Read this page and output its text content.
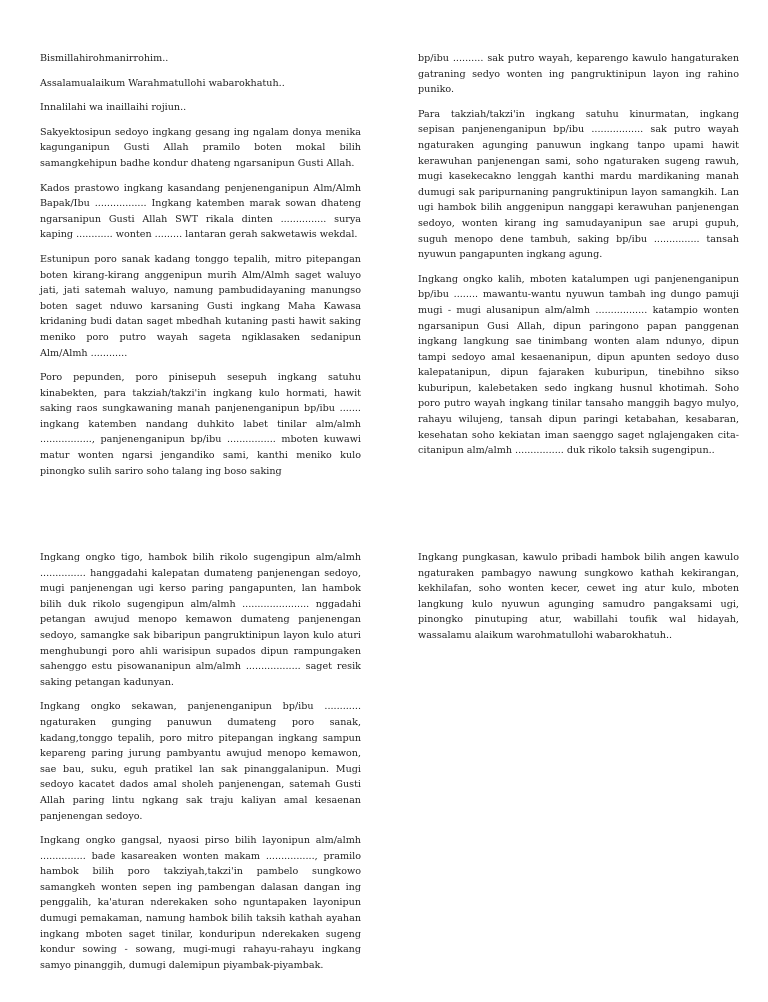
Bismillahirohmanirrohim..

Assalamualaikum Warahmatullohi wabarokhatuh..

Innalilahi wa inaillaihi rojiun..

Sakyektosipun sedoyo ingkang gesang ing ngalam donya menika kagunganipun Gusti Allah pramilo boten mokal bilih samangkehipun badhe kondur dhateng ngarsanipun Gusti Allah.

Kados prastowo ingkang kasandang penjenenganipun Alm/Almh Bapak/Ibu ................. Ingkang katemben marak sowan dhateng ngarsanipun Gusti Allah SWT rikala dinten ............... surya kaping ............ wonten ......... lantaran gerah sakwetawis wekdal.

Estunipun poro sanak kadang tonggo tepalih, mitro pitepangan boten kirang-kirang anggenipun murih Alm/Almh saget waluyo jati, jati satemah waluyo, namung pambudidayaning manungso boten saget nduwo karsaning Gusti ingkang Maha Kawasa kridaning budi datan saget mbedhah kutaning pasti hawit saking meniko poro putro wayah sageta ngiklasaken sedanipun Alm/Almh ............

Poro pepunden, poro pinisepuh sesepuh ingkang satuhu kinabekten, para takziah/takzi'in ingkang kulo hormati, hawit saking raos sungkawaning manah panjenenganipun bp/ibu ....... ingkang katemben nandang duhkito labet tinilar alm/almh ................., panjenenganipun bp/ibu ................ mboten kuwawi matur wonten ngarsi jengandiko sami, kanthi meniko kulo pinongko sulih sariro soho talang ing boso saking

bp/ibu .......... sak putro wayah, keparengo kawulo hangaturaken gatraning sedyo wonten ing pangruktinipun layon ing rahino puniko.

Para takziah/takzi'in ingkang satuhu kinurmatan, ingkang sepisan panjenenganipun bp/ibu ................. sak putro wayah ngaturaken agunging panuwun ingkang tanpo upami hawit kerawuhan panjenengan sami, soho ngaturaken sugeng rawuh, mugi kasekecakno lenggah kanthi mardu mardikaning manah dumugi sak paripurnaning pangruktinipun layon samangkih. Lan ugi hambok bilih anggenipun nanggapi kerawuhan panjenengan sedoyo, wonten kirang ing samudayanipun sae arupi gupuh, suguh menopo dene tambuh, saking bp/ibu ............... tansah nyuwun pangapunten ingkang agung.

Ingkang ongko kalih, mboten katalumpen ugi panjenenganipun bp/ibu ........ mawantu-wantu nyuwun tambah ing dungo pamuji mugi - mugi alusanipun alm/almh ................. katampio wonten ngarsanipun Gusi Allah, dipun paringono papan panggenan ingkang langkung sae tinimbang wonten alam ndunyo, dipun tampi sedoyo amal kesaenanipun, dipun apunten sedoyo duso kalepatanipun, dipun fajaraken kuburipun, tinebihno sikso kuburipun, kalebetaken sedo ingkang husnul khotimah. Soho poro putro wayah ingkang tinilar tansaho manggih bagyo mulyo, rahayu wilujeng, tansah dipun paringi ketabahan, kesabaran, kesehatan soho kekiatan iman saenggo saget nglajengaken cita-citanipun alm/almh ................ duk rikolo taksih sugengipun..

Ingkang ongko tigo, hambok bilih rikolo sugengipun alm/almh ............... hanggadahi kalepatan dumateng panjenengan sedoyo, mugi panjenengan ugi kerso paring pangapunten, lan hambok bilih duk rikolo sugengipun alm/almh ...................... nggadahi petangan awujud menopo kemawon dumateng panjenengan sedoyo, samangke sak bibaripun pangruktinipun layon kulo aturi menghubungi poro ahli warisipun supados dipun rampungaken sahenggo estu pisowananipun alm/almh .................. saget resik saking petangan kadunyan.

Ingkang ongko sekawan, panjenenganipun bp/ibu ............ ngaturaken gunging panuwun dumateng poro sanak, kadang,tonggo tepalih, poro mitro pitepangan ingkang sampun kepareng paring jurung pambyantu awujud menopo kemawon, sae bau, suku, eguh pratikel lan sak pinanggalanipun. Mugi sedoyo kacatet dados amal sholeh panjenengan, satemah Gusti Allah paring lintu ngkang sak traju kaliyan amal kesaenan panjenengan sedoyo.

Ingkang ongko gangsal, nyaosi pirso bilih layonipun alm/almh ............... bade kasareaken wonten makam ................, pramilo hambok bilih poro takziyah,takzi'in pambelo sungkowo samangkeh wonten sepen ing pambengan dalasan dangan ing penggalih, ka'aturan nderekaken soho nguntapaken layonipun dumugi pemakaman, namung hambok bilih taksih kathah ayahan ingkang mboten saget tinilar, konduripun nderekaken sugeng kondur sowing - sowang, mugi-mugi rahayu-rahayu ingkang samyo pinanggih, dumugi dalemipun piyambak-piyambak.

Ingkang pungkasan, kawulo pribadi hambok bilih angen kawulo ngaturaken pambagyo nawung sungkowo kathah kekirangan, kekhilafan, soho wonten kecer, cewet ing atur kulo, mboten langkung kulo nyuwun agunging samudro pangaksami ugi, pinongko pinutuping atur, wabillahi toufik wal hidayah, wassalamu alaikum warohmatullohi wabarokhatuh..
